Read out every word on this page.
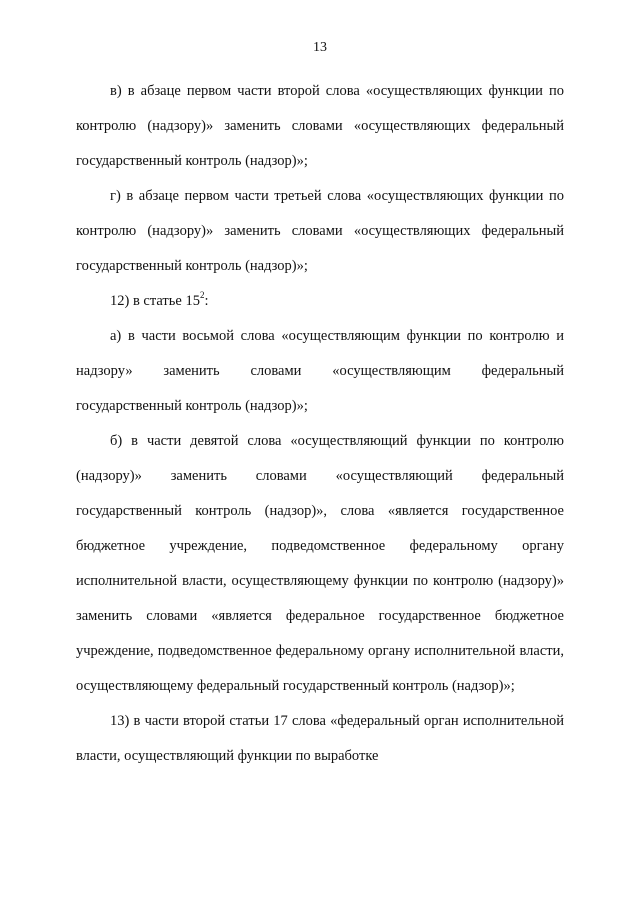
13

в) в абзаце первом части второй слова «осуществляющих функции по контролю (надзору)» заменить словами «осуществляющих федеральный государственный контроль (надзор)»;

г) в абзаце первом части третьей слова «осуществляющих функции по контролю (надзору)» заменить словами «осуществляющих федеральный государственный контроль (надзор)»;

12) в статье $15^2$:

а) в части восьмой слова «осуществляющим функции по контролю и надзору» заменить словами «осуществляющим федеральный государственный контроль (надзор)»;

б) в части девятой слова «осуществляющий функции по контролю (надзору)» заменить словами «осуществляющий федеральный государственный контроль (надзор)», слова «является государственное бюджетное учреждение, подведомственное федеральному органу исполнительной власти, осуществляющему функции по контролю (надзору)» заменить словами «является федеральное государственное бюджетное учреждение, подведомственное федеральному органу исполнительной власти, осуществляющему федеральный государственный контроль (надзор)»;

13) в части второй статьи 17 слова «федеральный орган исполнительной власти, осуществляющий функции по выработке
